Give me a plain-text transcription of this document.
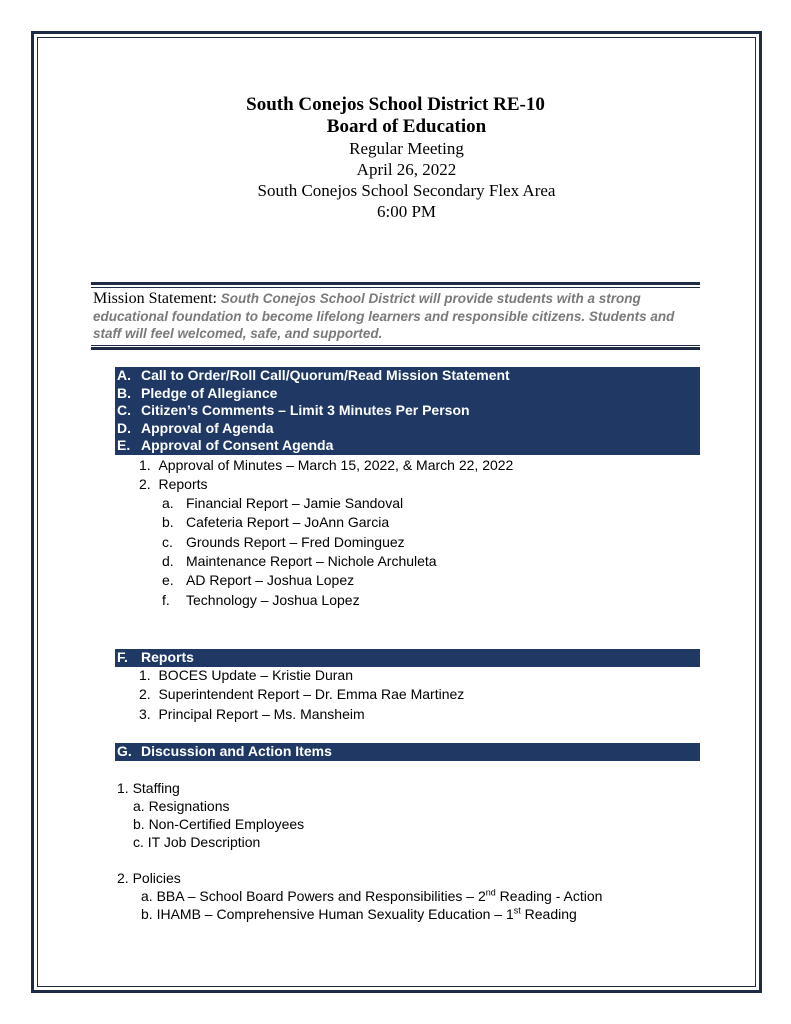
South Conejos School District RE-10
Board of Education
Regular Meeting
April 26, 2022
South Conejos School Secondary Flex Area
6:00 PM
Mission Statement: South Conejos School District will provide students with a strong educational foundation to become lifelong learners and responsible citizens. Students and staff will feel welcomed, safe, and supported.
A. Call to Order/Roll Call/Quorum/Read Mission Statement
B. Pledge of Allegiance
C. Citizen’s Comments – Limit 3 Minutes Per Person
D. Approval of Agenda
E. Approval of Consent Agenda
1. Approval of Minutes – March 15, 2022, & March 22, 2022
2. Reports
a. Financial Report – Jamie Sandoval
b. Cafeteria Report – JoAnn Garcia
c. Grounds Report – Fred Dominguez
d. Maintenance Report – Nichole Archuleta
e. AD Report – Joshua Lopez
f. Technology – Joshua Lopez
F. Reports
1. BOCES Update – Kristie Duran
2. Superintendent Report – Dr. Emma Rae Martinez
3. Principal Report – Ms. Mansheim
G. Discussion and Action Items
1. Staffing
a. Resignations
b. Non-Certified Employees
c. IT Job Description
2. Policies
a. BBA – School Board Powers and Responsibilities – 2nd Reading - Action
b. IHAMB – Comprehensive Human Sexuality Education – 1st Reading
